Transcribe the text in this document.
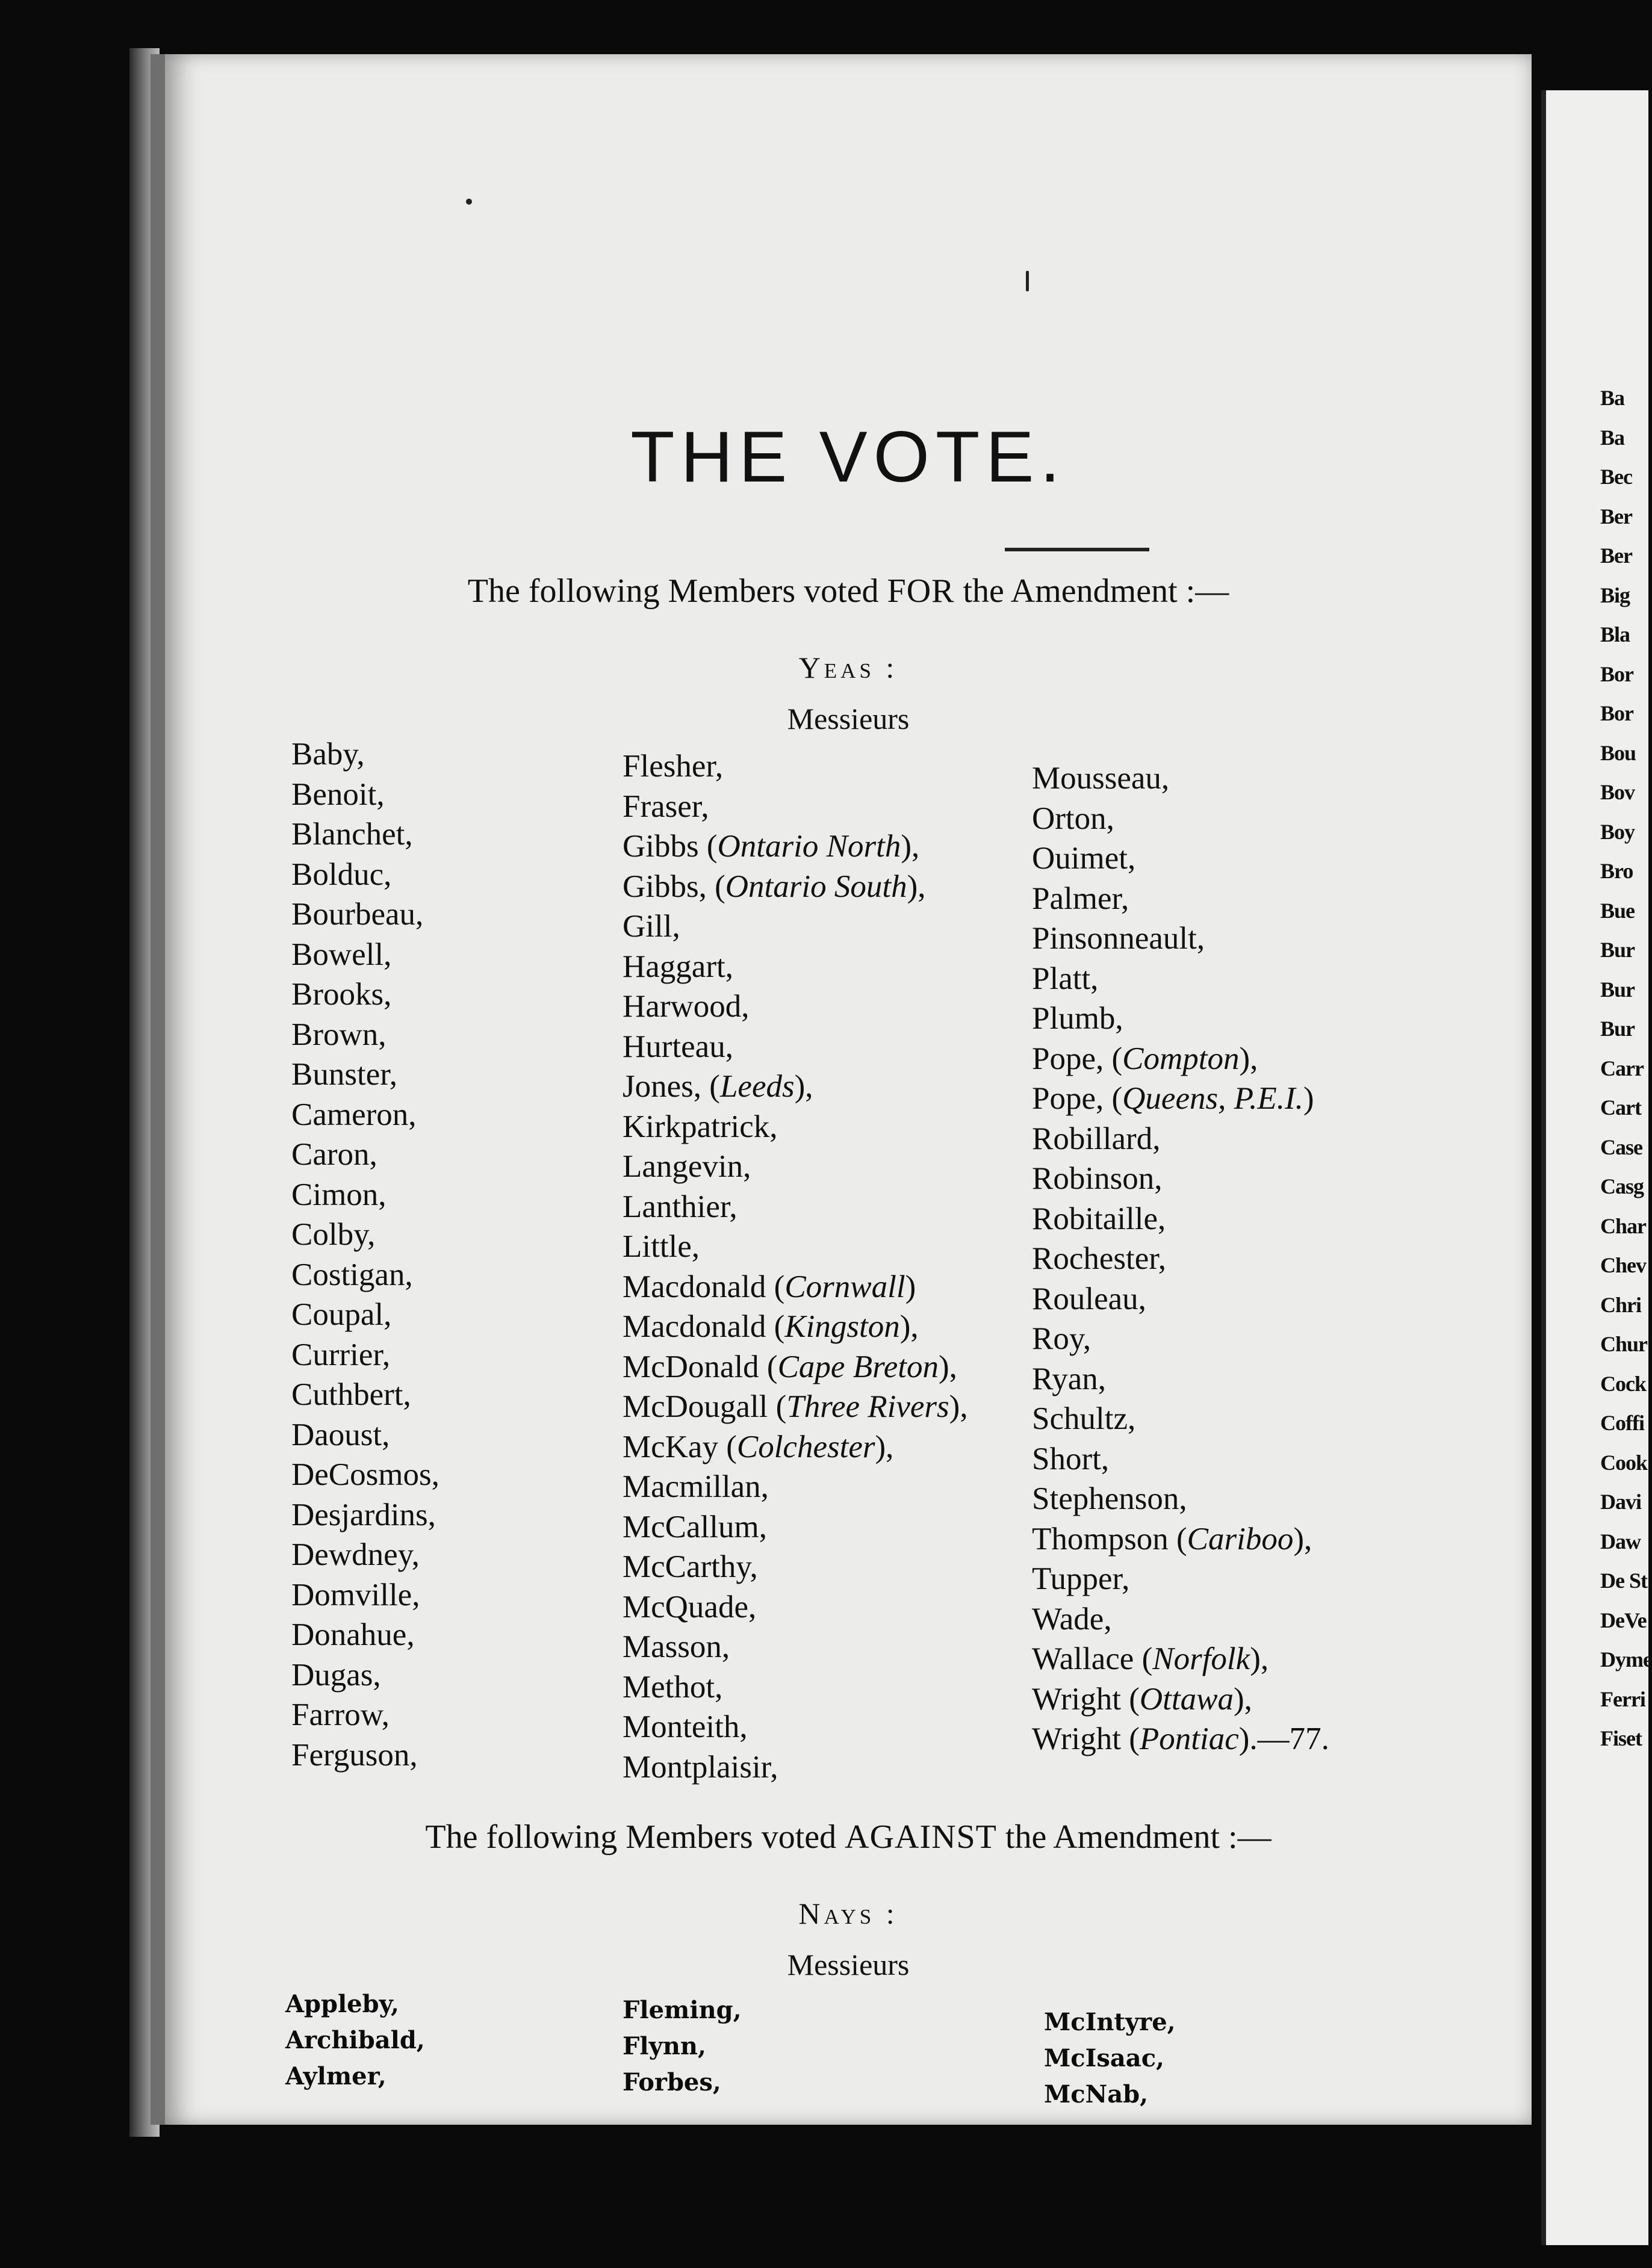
THE VOTE.
The following Members voted FOR the Amendment :—
Yeas :
Messieurs
Baby,
Benoit,
Blanchet,
Bolduc,
Bourbeau,
Bowell,
Brooks,
Brown,
Bunster,
Cameron,
Caron,
Cimon,
Colby,
Costigan,
Coupal,
Currier,
Cuthbert,
Daoust,
DeCosmos,
Desjardins,
Dewdney,
Domville,
Donahue,
Dugas,
Farrow,
Ferguson,
Flesher,
Fraser,
Gibbs (Ontario North),
Gibbs, (Ontario South),
Gill,
Haggart,
Harwood,
Hurteau,
Jones, (Leeds),
Kirkpatrick,
Langevin,
Lanthier,
Little,
Macdonald (Cornwall)
Macdonald (Kingston),
McDonald (Cape Breton),
McDougall (Three Rivers),
McKay (Colchester),
Macmillan,
McCallum,
McCarthy,
McQuade,
Masson,
Methot,
Monteith,
Montplaisir,
Mousseau,
Orton,
Ouimet,
Palmer,
Pinsonneault,
Platt,
Plumb,
Pope, (Compton),
Pope, (Queens, P.E.I.)
Robillard,
Robinson,
Robitaille,
Rochester,
Rouleau,
Roy,
Ryan,
Schultz,
Short,
Stephenson,
Thompson (Cariboo),
Tupper,
Wade,
Wallace (Norfolk),
Wright (Ottawa),
Wright (Pontiac).—77.
The following Members voted AGAINST the Amendment :—
Nays :
Messieurs
Appleby,
Archibald,
Aylmer,
Fleming,
Flynn,
Forbes,
McIntyre,
McIsaac,
McNab,
Ba
Ba
Bec
Ber
Ber
Big
Bla
Bor
Bor
Bou
Bov
Boy
Bro
Bue
Bur
Bur
Bur
Carr
Cart
Case
Casg
Char
Chev
Chri
Chur
Cock
Coffi
Cook
Davi
Daw
De St
DeVe
Dyme
Ferri
Fiset
